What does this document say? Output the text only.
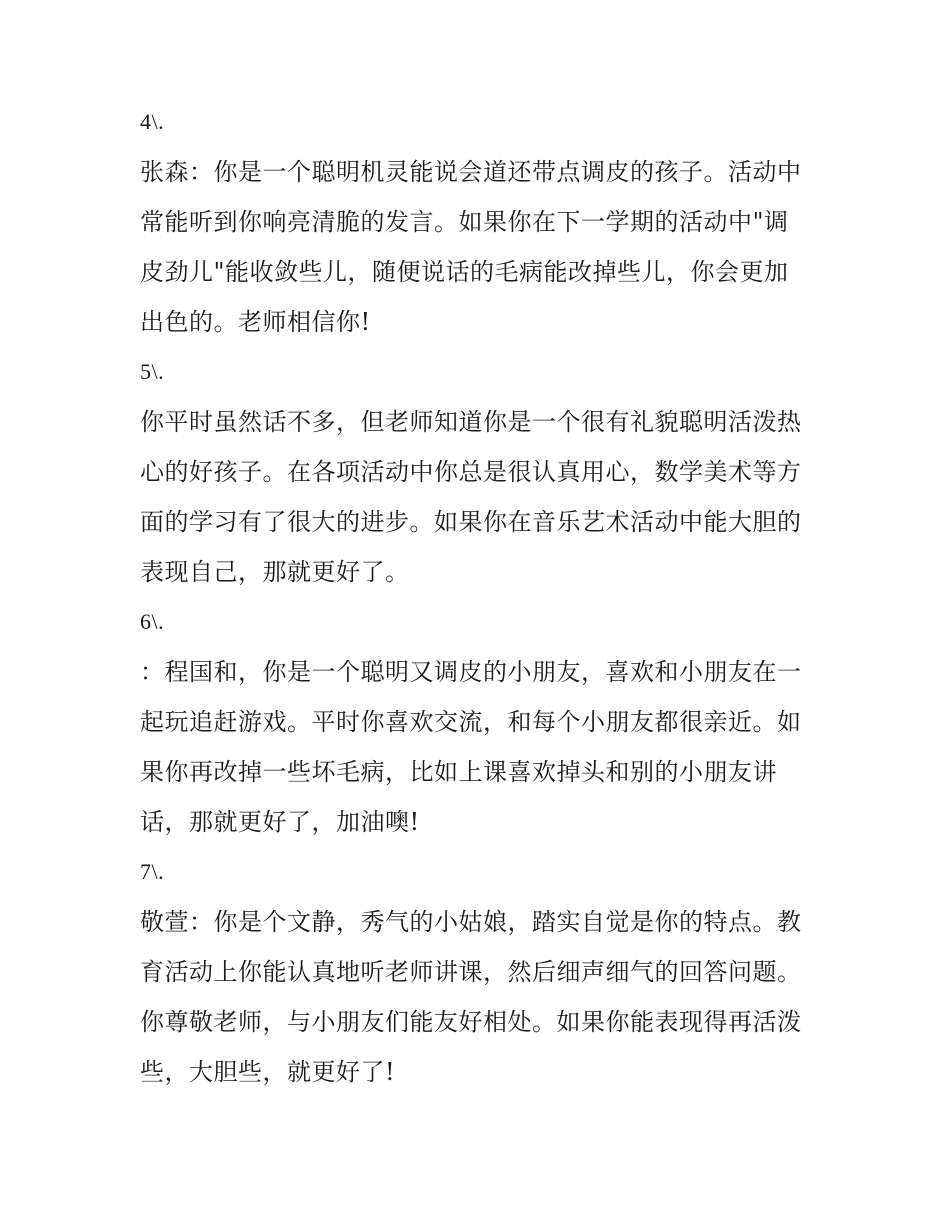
4\.

张森：你是一个聪明机灵能说会道还带点调皮的孩子。活动中

常能听到你响亮清脆的发言。如果你在下一学期的活动中"调

皮劲儿"能收敛些儿，随便说话的毛病能改掉些儿，你会更加

出色的。老师相信你!

5\.

你平时虽然话不多，但老师知道你是一个很有礼貌聪明活泼热

心的好孩子。在各项活动中你总是很认真用心，数学美术等方

面的学习有了很大的进步。如果你在音乐艺术活动中能大胆的

表现自己，那就更好了。

6\.

：程国和，你是一个聪明又调皮的小朋友，喜欢和小朋友在一

起玩追赶游戏。平时你喜欢交流，和每个小朋友都很亲近。如

果你再改掉一些坏毛病，比如上课喜欢掉头和别的小朋友讲

话，那就更好了，加油噢!

7\.

敬萱：你是个文静，秀气的小姑娘，踏实自觉是你的特点。教

育活动上你能认真地听老师讲课，然后细声细气的回答问题。

你尊敬老师，与小朋友们能友好相处。如果你能表现得再活泼

些，大胆些，就更好了!
